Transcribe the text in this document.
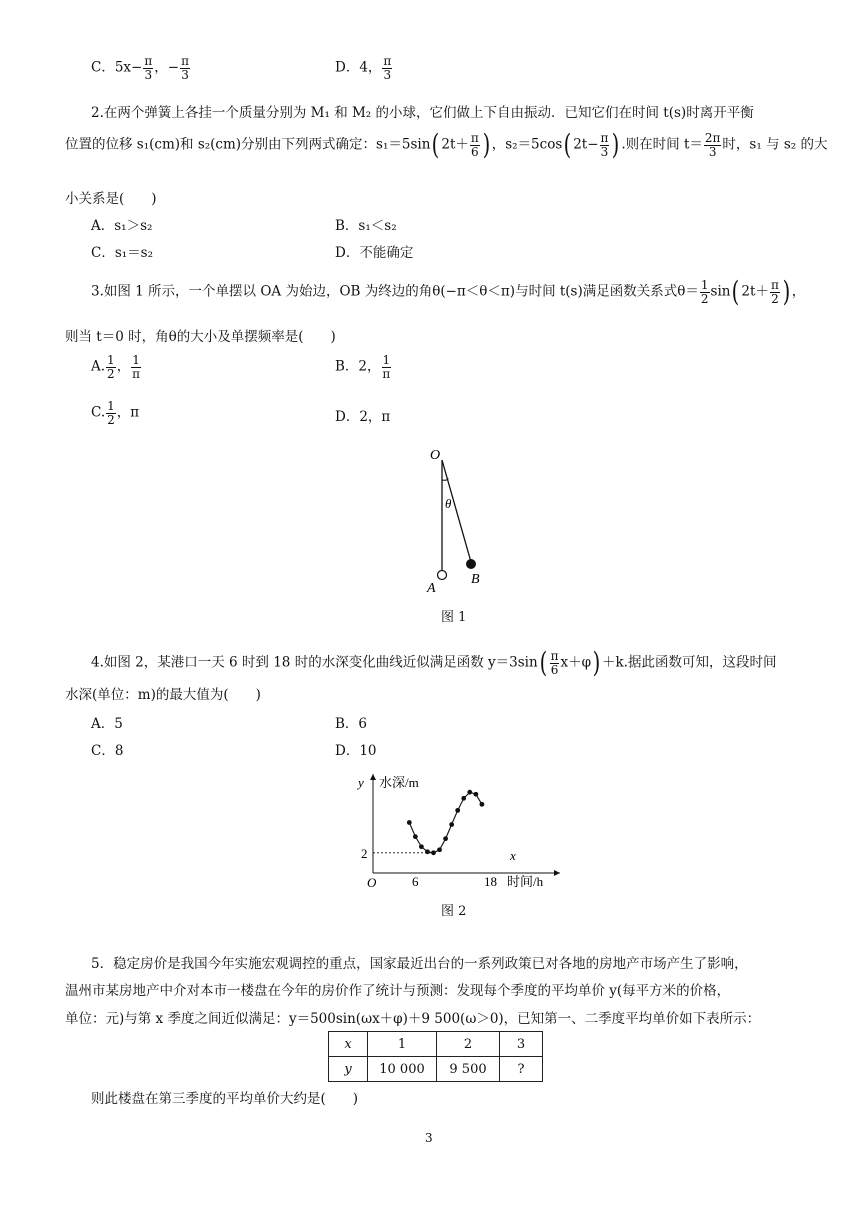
C．$5x- \frac{\pi}{3}$ ，− $\frac{\pi}{3}$	D．4， $\frac{\pi}{3}$
2.在两个弹簧上各挂一个质量分别为 M₁ 和 M₂ 的小球，它们做上下自由振动．已知它们在时间 t(s)时离开平衡
位置的位移 s₁(cm)和 s₂(cm)分别由下列两式确定：s₁＝5sin( $2t+ \frac{\pi}{6}$ ) ，s₂＝5cos( $2t- \frac{\pi}{3}$ ) .则在时间 $t= \frac{2\pi}{3}$ 时，s₁ 与 s₂ 的大
小关系是(　　)
A．s₁＞s₂	B．s₁＜s₂
C．s₁＝s₂	D．不能确定
3.如图 1 所示，一个单摆以 OA 为始边，OB 为终边的角θ(−π＜θ＜π)与时间 t(s)满足函数关系式$\theta= \frac{1}{2} \sin$( $2t+ \frac{\pi}{2}$ ) ，
则当 t＝0 时，角θ的大小及单摆频率是(　　)
A. $\frac{1}{2}$ ， $\frac{1}{\pi}$	B．2， $\frac{1}{\pi}$
C. $\frac{1}{2}$ ，π	D．2，π
O
θ
A
B
图 1
4.如图 2，某港口一天 6 时到 18 时的水深变化曲线近似满足函数 $y=3\sin( \frac{\pi}{6} x+\varphi) +k$.据此函数可知，这段时间
水深(单位：m)的最大值为(　　)
A．5	B．6
C．8	D．10
y 水深/m
x
时间/h
O	6	18
2
图 2
5．稳定房价是我国今年实施宏观调控的重点，国家最近出台的一系列政策已对各地的房地产市场产生了影响，
温州市某房地产中介对本市一楼盘在今年的房价作了统计与预测：发现每个季度的平均单价 y(每平方米的价格，
单位：元)与第 x 季度之间近似满足：y＝500sin(ωx＋φ)＋9 500(ω＞0)，已知第一、二季度平均单价如下表所示：
x	1	2	3
y	10 000	9 500	?
则此楼盘在第三季度的平均单价大约是(　　)
3
